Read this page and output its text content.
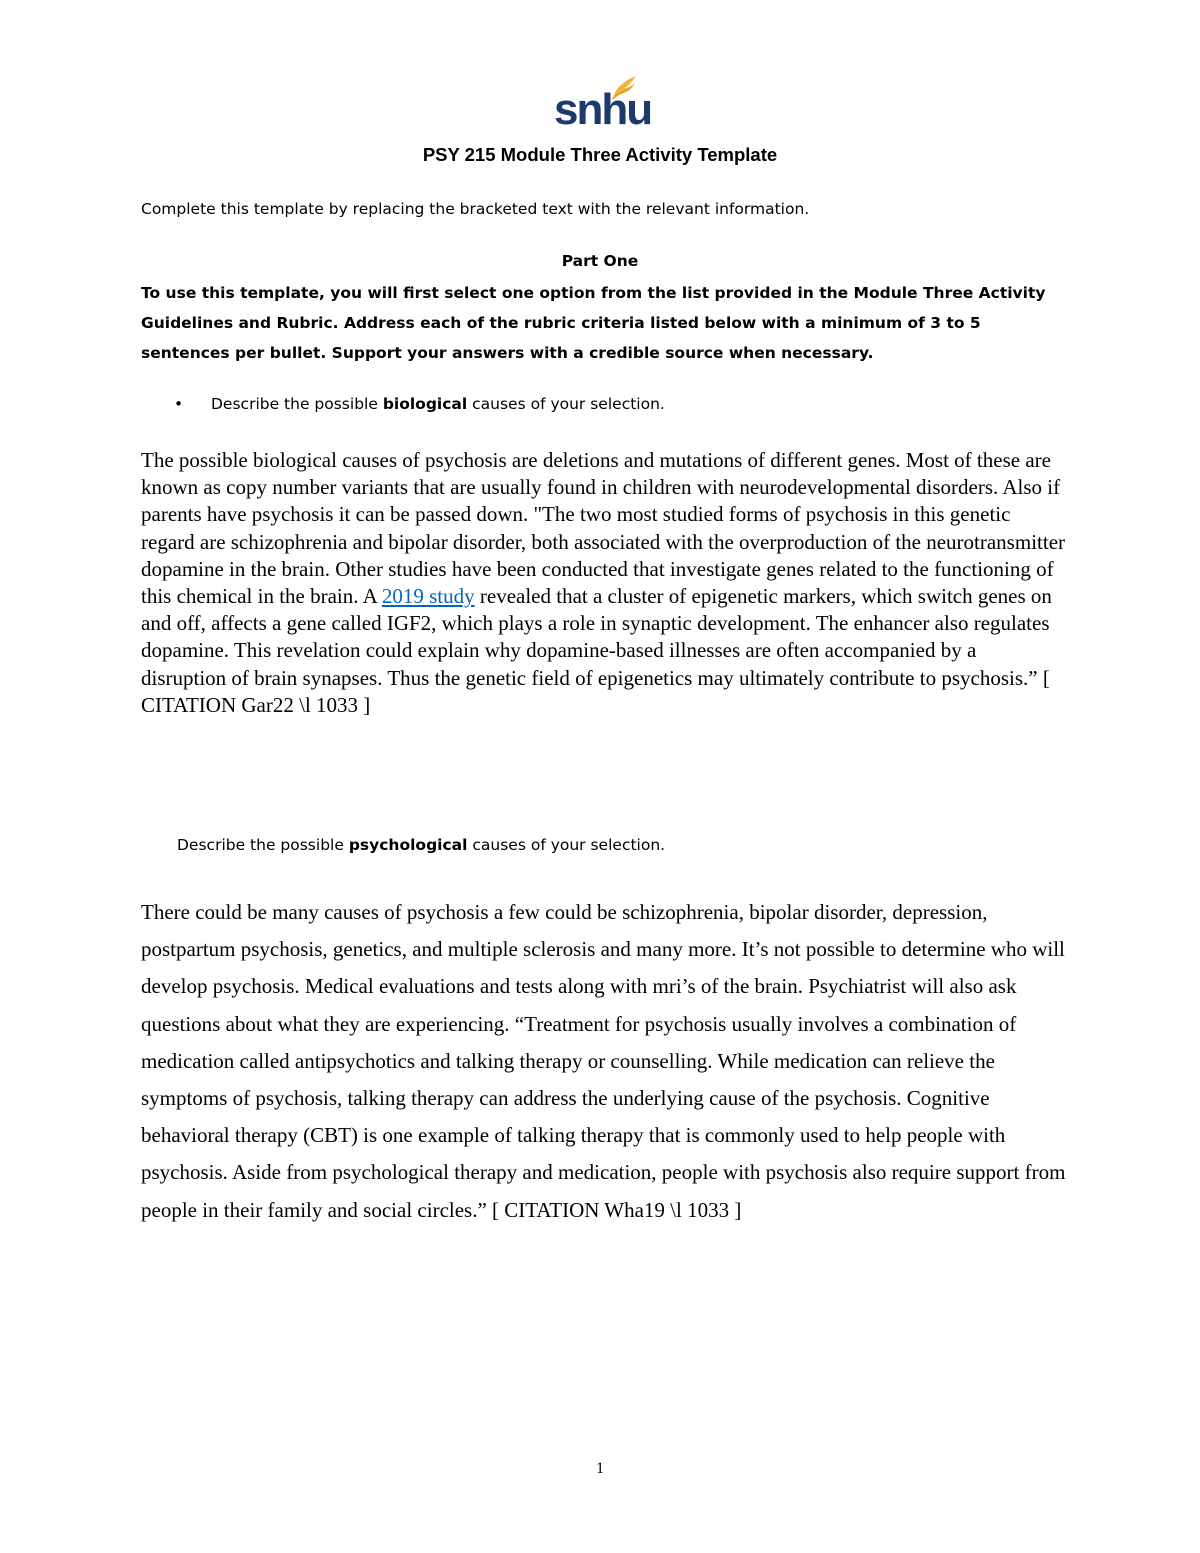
snhu
PSY 215 Module Three Activity Template
Complete this template by replacing the bracketed text with the relevant information.
Part One
To use this template, you will first select one option from the list provided in the Module Three Activity Guidelines and Rubric. Address each of the rubric criteria listed below with a minimum of 3 to 5 sentences per bullet. Support your answers with a credible source when necessary.
• Describe the possible biological causes of your selection.
The possible biological causes of psychosis are deletions and mutations of different genes. Most of these are known as copy number variants that are usually found in children with neurodevelopmental disorders. Also if parents have psychosis it can be passed down. "The two most studied forms of psychosis in this genetic regard are schizophrenia and bipolar disorder, both associated with the overproduction of the neurotransmitter dopamine in the brain. Other studies have been conducted that investigate genes related to the functioning of this chemical in the brain. A 2019 study revealed that a cluster of epigenetic markers, which switch genes on and off, affects a gene called IGF2, which plays a role in synaptic development. The enhancer also regulates dopamine. This revelation could explain why dopamine-based illnesses are often accompanied by a disruption of brain synapses. Thus the genetic field of epigenetics may ultimately contribute to psychosis.” [ CITATION Gar22 \l 1033 ]
Describe the possible psychological causes of your selection.
There could be many causes of psychosis a few could be schizophrenia, bipolar disorder, depression, postpartum psychosis, genetics, and multiple sclerosis and many more. It’s not possible to determine who will develop psychosis. Medical evaluations and tests along with mri’s of the brain. Psychiatrist will also ask questions about what they are experiencing. “Treatment for psychosis usually involves a combination of medication called antipsychotics and talking therapy or counselling. While medication can relieve the symptoms of psychosis, talking therapy can address the underlying cause of the psychosis. Cognitive behavioral therapy (CBT) is one example of talking therapy that is commonly used to help people with psychosis. Aside from psychological therapy and medication, people with psychosis also require support from people in their family and social circles.” [ CITATION Wha19 \l 1033 ]
1
